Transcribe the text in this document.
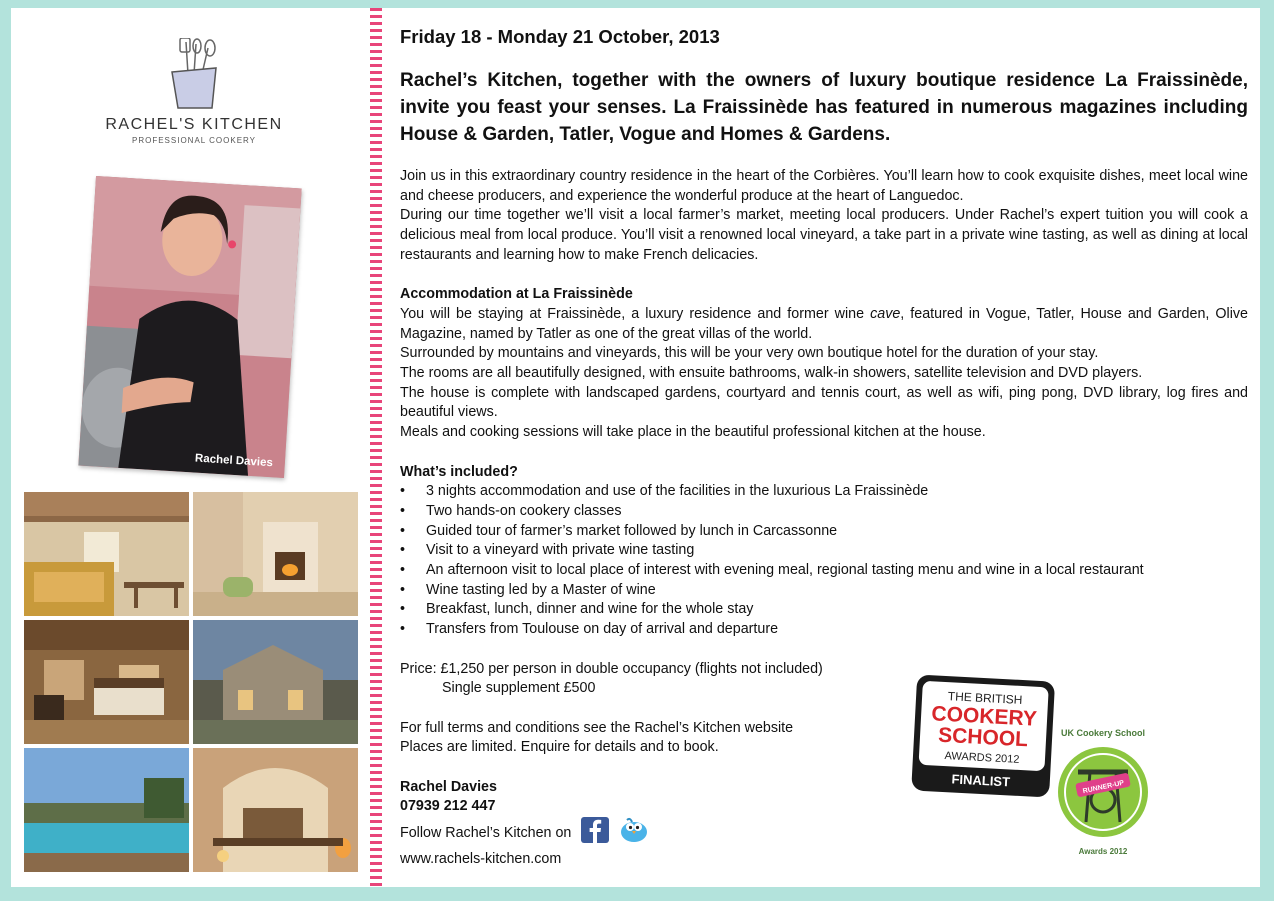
RACHEL'S KITCHEN
PROFESSIONAL COOKERY
Rachel Davies
Friday 18 - Monday 21 October, 2013
Rachel’s Kitchen, together with the owners of luxury boutique residence La Fraissinède, invite you feast your senses. La Fraissinède has featured in numerous magazines including House & Garden, Tatler, Vogue and Homes & Gardens.

Join us in this extraordinary country residence in the heart of the Corbières. You’ll learn how to cook exquisite dishes, meet local wine and cheese producers, and experience the wonderful produce at the heart of Languedoc.

During our time together we’ll visit a local farmer’s market, meeting local producers. Under Rachel’s expert tuition you will cook a delicious meal from local produce. You’ll visit a renowned local vineyard, a take part in a private wine tasting, as well as dining at local restaurants and learning how to make French delicacies.

Accommodation at La Fraissinède

You will be staying at Fraissinède, a luxury residence and former wine cave, featured in Vogue, Tatler, House and Garden, Olive Magazine, named by Tatler as one of the great villas of the world.

Surrounded by mountains and vineyards, this will be your very own boutique hotel for the duration of your stay.

The rooms are all beautifully designed, with ensuite bathrooms, walk-in showers, satellite television and DVD players.

The house is complete with landscaped gardens, courtyard and tennis court, as well as wifi, ping pong, DVD library, log fires and beautiful views.

Meals and cooking sessions will take place in the beautiful professional kitchen at the house.

What’s included?

• 3 nights accommodation and use of the facilities in the luxurious La Fraissinède
• Two hands-on cookery classes
• Guided tour of farmer’s market followed by lunch in Carcassonne
• Visit to a vineyard with private wine tasting
• An afternoon visit to local place of interest with evening meal, regional tasting menu and wine in a local restaurant
• Wine tasting led by a Master of wine
• Breakfast, lunch, dinner and wine for the whole stay
• Transfers from Toulouse on day of arrival and departure

Price: £1,250 per person in double occupancy (flights not included)

Single supplement £500

For full terms and conditions see the Rachel’s Kitchen website

Places are limited. Enquire for details and to book.

Rachel Davies

07939 212 447

Follow Rachel’s Kitchen on

www.rachels-kitchen.com

THE BRITISH
COOKERY
SCHOOL
AWARDS 2012
FINALIST
UK Cookery School
RUNNER-UP
Awards 2012
